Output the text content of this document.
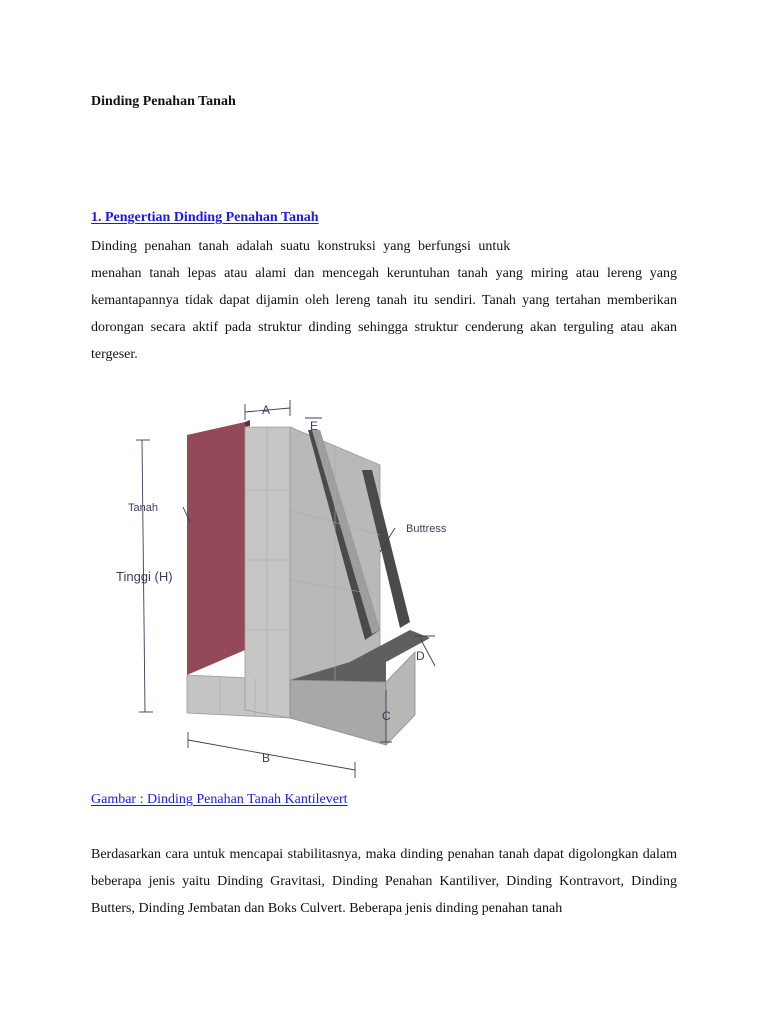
Dinding Penahan Tanah
1. Pengertian Dinding Penahan Tanah

Dinding penahan tanah adalah suatu konstruksi yang berfungsi untuk
menahan tanah lepas atau alami dan mencegah keruntuhan tanah yang miring atau lereng yang kemantapannya tidak dapat dijamin oleh lereng tanah itu sendiri. Tanah yang tertahan memberikan dorongan secara aktif pada struktur dinding sehingga struktur cenderung akan terguling atau akan tergeser.

Tanah
Tinggi (H)
Buttress
A
E
D
C
B
Gambar : Dinding Penahan Tanah Kantilevert

Berdasarkan cara untuk mencapai stabilitasnya, maka dinding penahan tanah dapat digolongkan dalam beberapa jenis yaitu Dinding Gravitasi, Dinding Penahan Kantiliver, Dinding Kontravort, Dinding Butters, Dinding Jembatan dan Boks Culvert. Beberapa jenis dinding penahan tanah
